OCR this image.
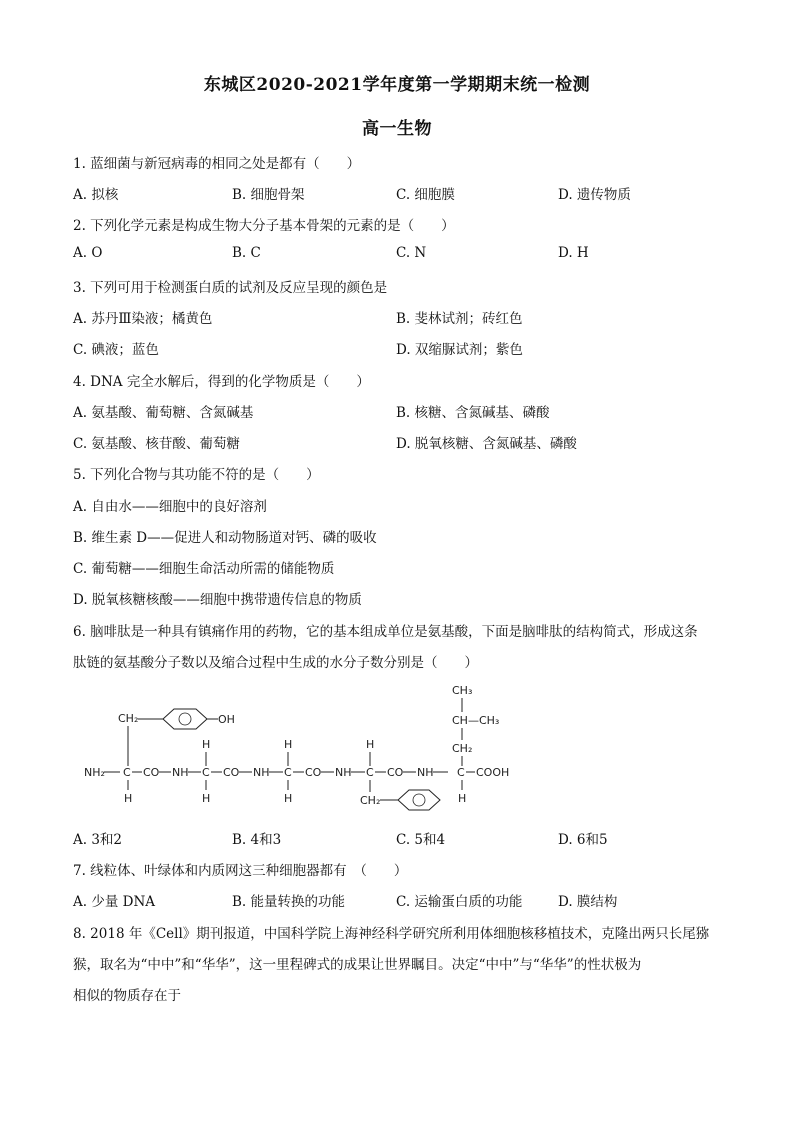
东城区2020-2021学年度第一学期期末统一检测
高一生物
1. 蓝细菌与新冠病毒的相同之处是都有（　　）
A. 拟核	B. 细胞骨架	C. 细胞膜	D. 遗传物质
2. 下列化学元素是构成生物大分子基本骨架的元素的是（　　）
A. O	B. C	C. N	D. H
3. 下列可用于检测蛋白质的试剂及反应呈现的颜色是
A. 苏丹Ⅲ染液；橘黄色	B. 斐林试剂；砖红色
C. 碘液；蓝色	D. 双缩脲试剂；紫色
4. DNA 完全水解后，得到的化学物质是（　　）
A. 氨基酸、葡萄糖、含氮碱基	B. 核糖、含氮碱基、磷酸
C. 氨基酸、核苷酸、葡萄糖	D. 脱氧核糖、含氮碱基、磷酸
5. 下列化合物与其功能不符的是（　　）
A. 自由水——细胞中的良好溶剂
B. 维生素 D——促进人和动物肠道对钙、磷的吸收
C. 葡萄糖——细胞生命活动所需的储能物质
D. 脱氧核糖核酸——细胞中携带遗传信息的物质
6. 脑啡肽是一种具有镇痛作用的药物，它的基本组成单位是氨基酸，下面是脑啡肽的结构简式，形成这条
肽链的氨基酸分子数以及缩合过程中生成的水分子数分别是（　　）
CH₃
CH—CH₃
CH₂
CH₂	OH
H	H	H
NH₂ C CO NH C CO NH C CO NH C CO NH C COOH
H	H	H	H
CH₂
A. 3和2	B. 4和3	C. 5和4	D. 6和5
7. 线粒体、叶绿体和内质网这三种细胞器都有　（　　）
A. 少量 DNA	B. 能量转换的功能	C. 运输蛋白质的功能	D. 膜结构
8. 2018 年《Cell》期刊报道，中国科学院上海神经科学研究所利用体细胞核移植技术，克隆出两只长尾猕
猴，取名为“中中”和“华华”，这一里程碑式的成果让世界瞩目。决定“中中”与“华华”的性状极为
相似的物质存在于
